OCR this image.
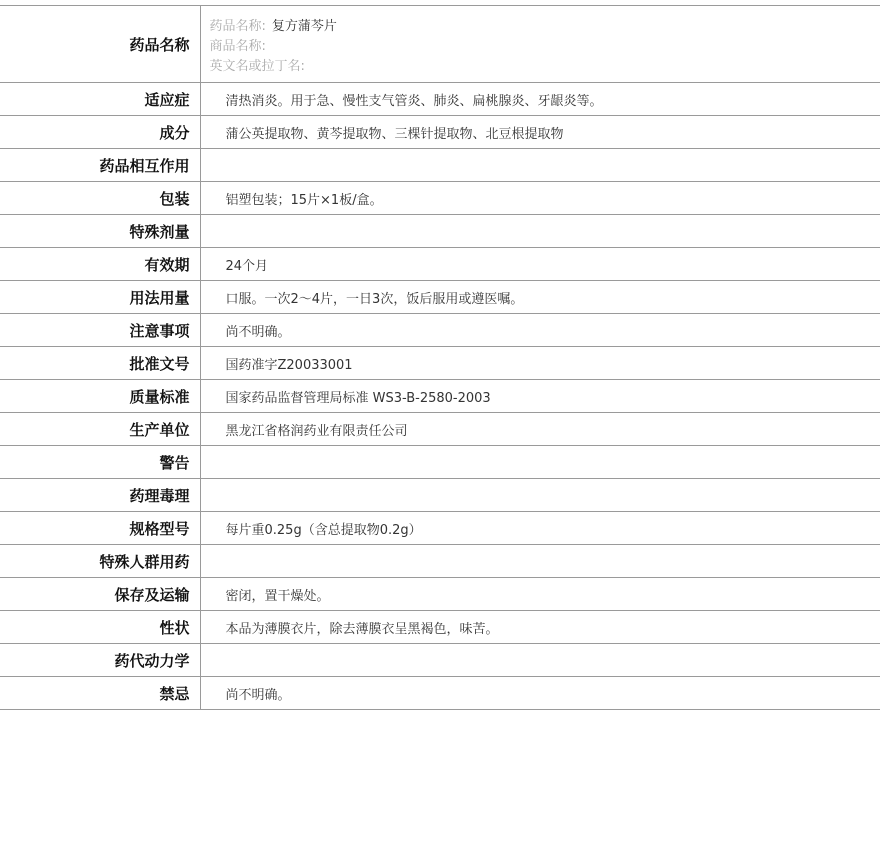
药品名称	药品名称: 复方蒲芩片
商品名称:
英文名或拉丁名:

适应症	清热消炎。用于急、慢性支气管炎、肺炎、扁桃腺炎、牙龈炎等。
成分	蒲公英提取物、黄芩提取物、三棵针提取物、北豆根提取物
药品相互作用	
包装	铝塑包装；15片×1板/盒。
特殊剂量	
有效期	24个月
用法用量	口服。一次2～4片，一日3次，饭后服用或遵医嘱。
注意事项	尚不明确。
批准文号	国药准字Z20033001
质量标准	国家药品监督管理局标准 WS3-B-2580-2003
生产单位	黑龙江省格润药业有限责任公司
警告	
药理毒理	
规格型号	每片重0.25g（含总提取物0.2g）
特殊人群用药	
保存及运输	密闭，置干燥处。
性状	本品为薄膜衣片，除去薄膜衣呈黑褐色，味苦。
药代动力学	
禁忌	尚不明确。
